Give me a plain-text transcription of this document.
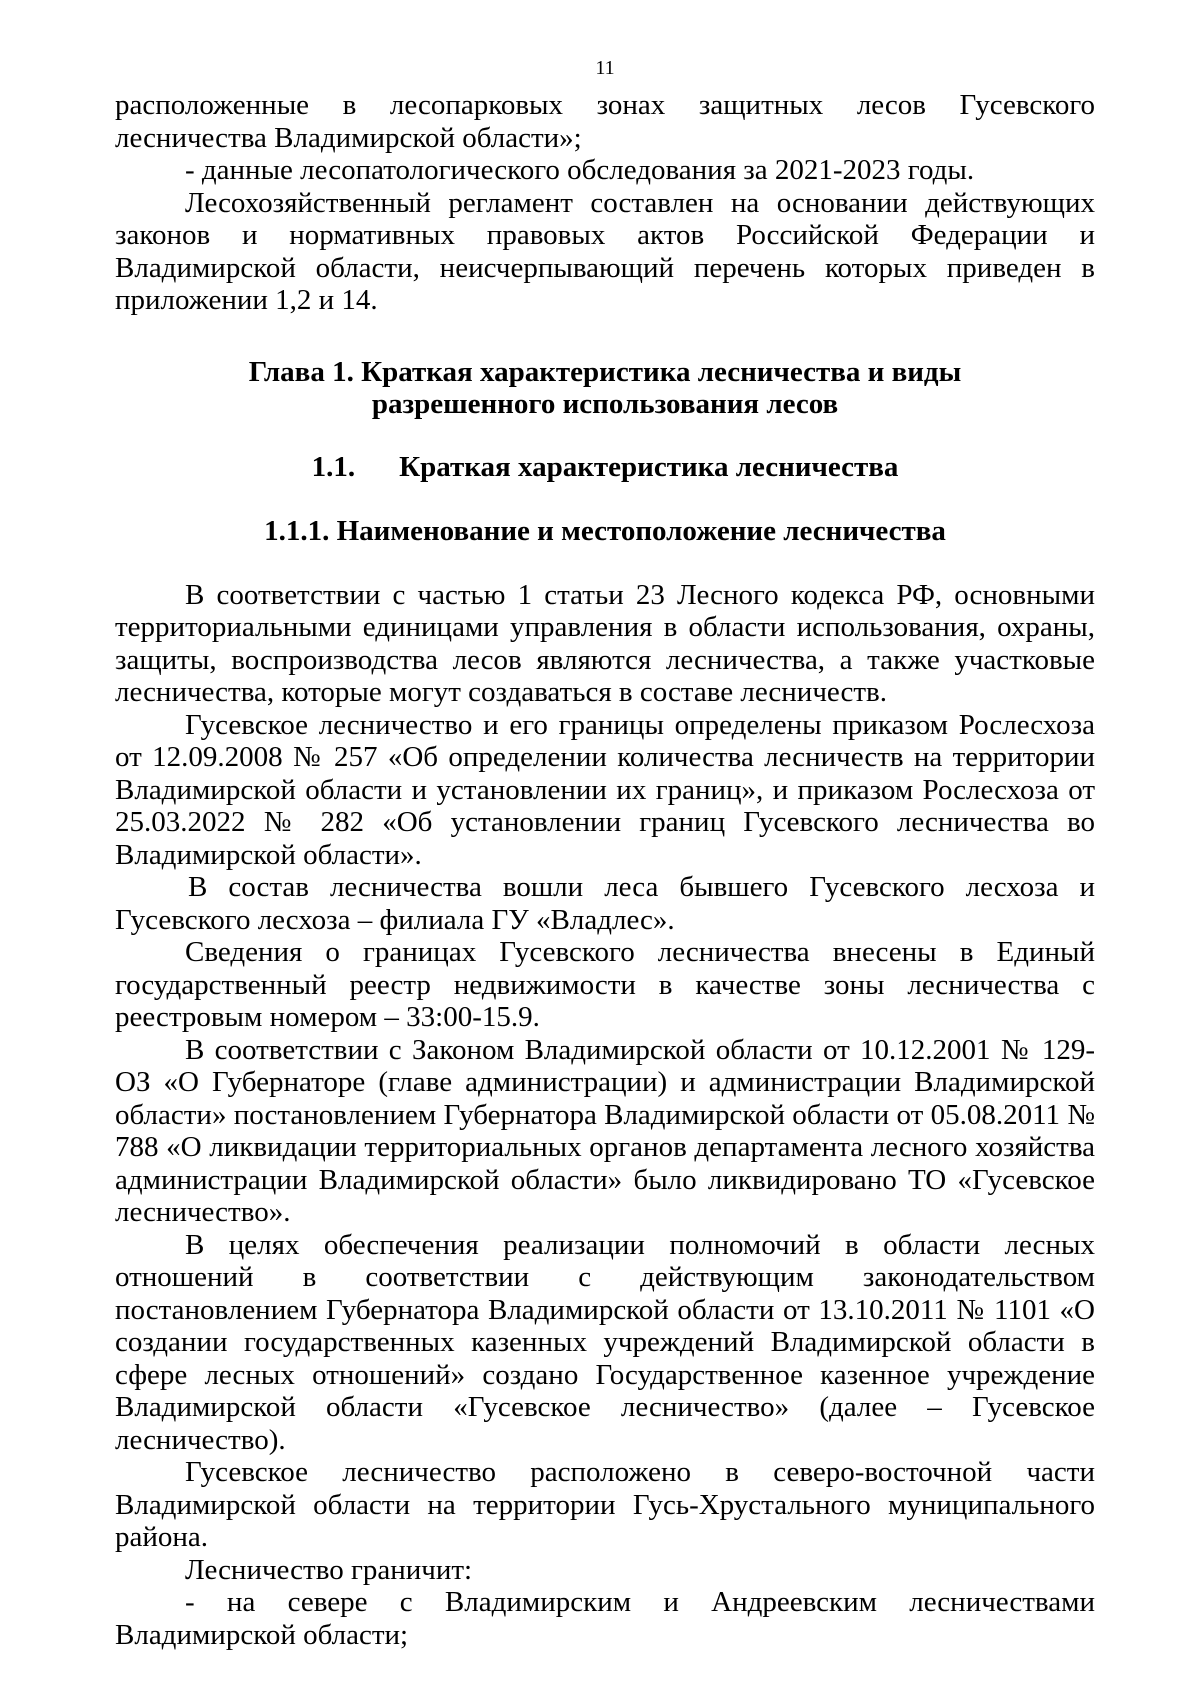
11

расположенные в лесопарковых зонах защитных лесов Гусевского лесничества Владимирской области»;

- данные лесопатологического обследования за 2021-2023 годы.

Лесохозяйственный регламент составлен на основании действующих законов и нормативных правовых актов Российской Федерации и Владимирской области, неисчерпывающий перечень которых приведен в приложении 1,2 и 14.

Глава 1. Краткая характеристика лесничества и виды
разрешенного использования лесов
1.1. Краткая характеристика лесничества
1.1.1. Наименование и местоположение лесничества

В соответствии с частью 1 статьи 23 Лесного кодекса РФ, основными территориальными единицами управления в области использования, охраны, защиты, воспроизводства лесов являются лесничества, а также участковые лесничества, которые могут создаваться в составе лесничеств.

Гусевское лесничество и его границы определены приказом Рослесхоза от 12.09.2008 № 257 «Об определении количества лесничеств на территории Владимирской области и установлении их границ», и приказом Рослесхоза от 25.03.2022 № 282 «Об установлении границ Гусевского лесничества во Владимирской области».

В состав лесничества вошли леса бывшего Гусевского лесхоза и Гусевского лесхоза – филиала ГУ «Владлес».

Сведения о границах Гусевского лесничества внесены в Единый государственный реестр недвижимости в качестве зоны лесничества с реестровым номером – 33:00-15.9.

В соответствии с Законом Владимирской области от 10.12.2001 № 129-ОЗ «О Губернаторе (главе администрации) и администрации Владимирской области» постановлением Губернатора Владимирской области от 05.08.2011 № 788 «О ликвидации территориальных органов департамента лесного хозяйства администрации Владимирской области» было ликвидировано ТО «Гусевское лесничество».

В целях обеспечения реализации полномочий в области лесных отношений в соответствии с действующим законодательством постановлением Губернатора Владимирской области от 13.10.2011 № 1101 «О создании государственных казенных учреждений Владимирской области в сфере лесных отношений» создано Государственное казенное учреждение Владимирской области «Гусевское лесничество» (далее – Гусевское лесничество).

Гусевское лесничество расположено в северо-восточной части Владимирской области на территории Гусь-Хрустального муниципального района.

Лесничество граничит:

- на севере с Владимирским и Андреевским лесничествами Владимирской области;
